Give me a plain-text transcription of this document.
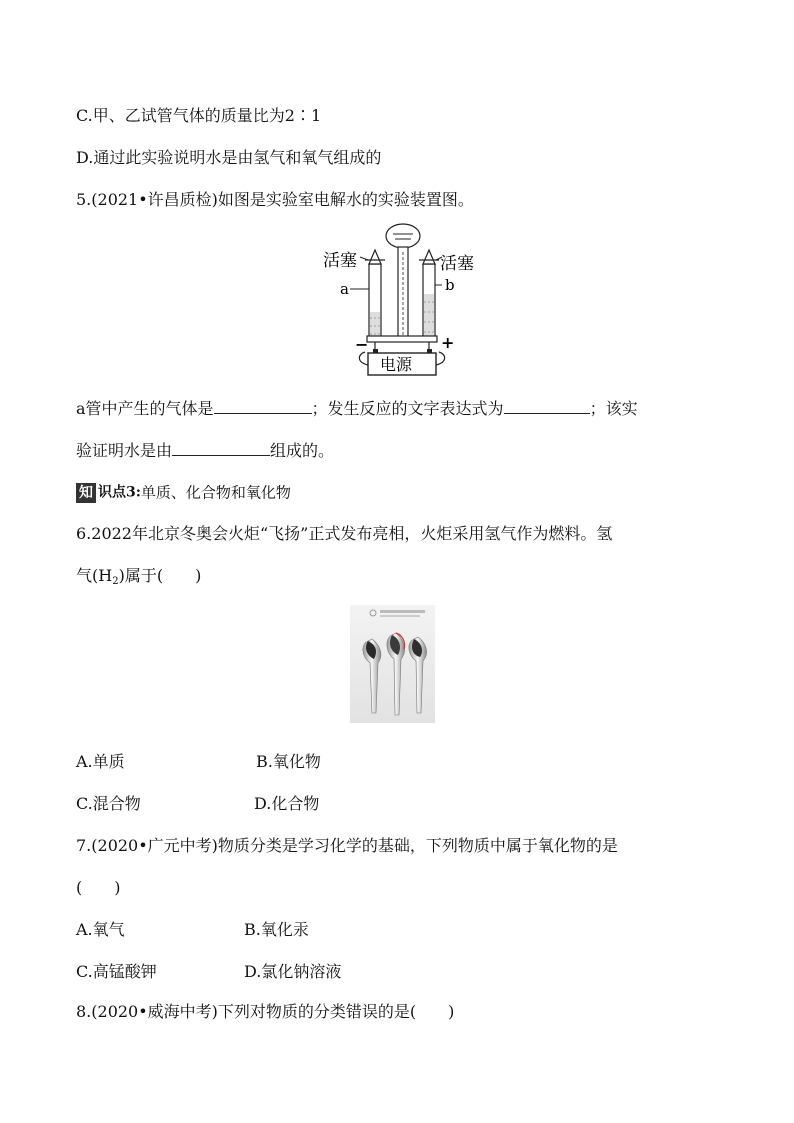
C.甲、乙试管气体的质量比为2∶1
D.通过此实验说明水是由氢气和氧气组成的
5.(2021•许昌质检)如图是实验室电解水的实验装置图。
活塞	活塞
a	b
−	+
电源
a管中产生的气体是	；发生反应的文字表达式为	；该实
验证明水是由	组成的。
知 识点3:单质、化合物和氧化物
6.2022年北京冬奥会火炬“飞扬”正式发布亮相，火炬采用氢气作为燃料。氢
气$(H_2)$属于(　　)
A.单质	B.氧化物
C.混合物	D.化合物
7.(2020•广元中考)物质分类是学习化学的基础，下列物质中属于氧化物的是
(　　)
A.氧气	B.氧化汞
C.高锰酸钾	D.氯化钠溶液
8.(2020•威海中考)下列对物质的分类错误的是(　　)
